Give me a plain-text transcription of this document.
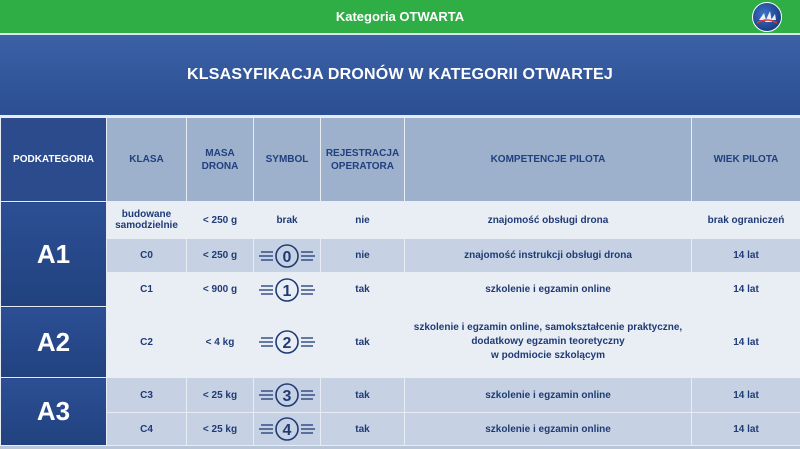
Kategoria OTWARTA
KLSASYFIKACJA DRONÓW W KATEGORII OTWARTEJ
PODKATEGORIA	KLASA	MASA DRONA	SYMBOL	REJESTRACJA OPERATORA	KOMPETENCJE PILOTA	WIEK PILOTA
A1	budowane samodzielnie	< 250 g	brak	nie	znajomość obsługi drona	brak ograniczeń
	C0	< 250 g	0	nie	znajomość instrukcji obsługi drona	14 lat
	C1	< 900 g	1	tak	szkolenie i egzamin online	14 lat
A2	C2	< 4 kg	2	tak	szkolenie i egzamin online, samokształcenie praktyczne,
dodatkowy egzamin teoretyczny
w podmiocie szkolącym	14 lat
A3	C3	< 25 kg	3	tak	szkolenie i egzamin online	14 lat
	C4	< 25 kg	4	tak	szkolenie i egzamin online	14 lat
